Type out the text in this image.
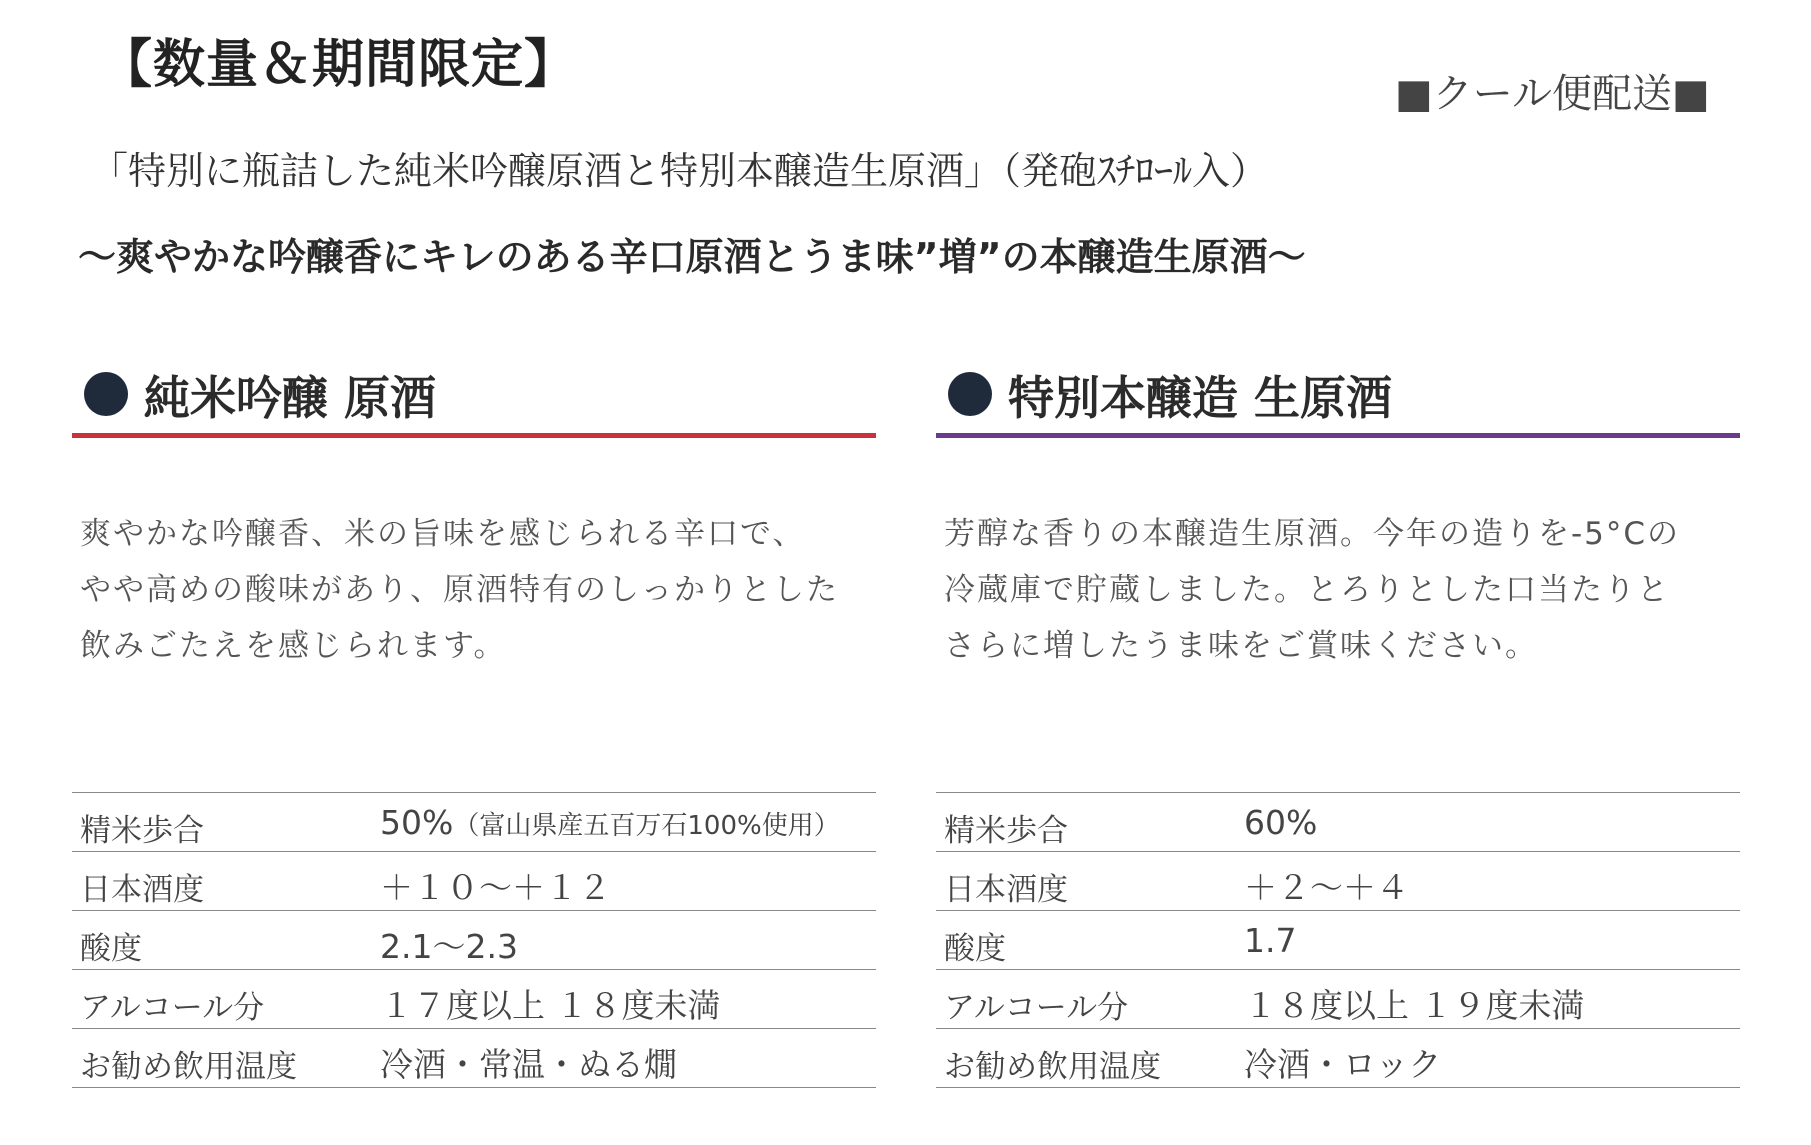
【数量＆期間限定】	■クール便配送■
「特別に瓶詰した純米吟醸原酒と特別本醸造生原酒」（発砲ｽﾁﾛｰﾙ入）
～爽やかな吟醸香にキレのある辛口原酒とうま味”増”の本醸造生原酒～
純米吟醸 原酒
爽やかな吟醸香、米の旨味を感じられる辛口で、
やや高めの酸味があり、原酒特有のしっかりとした
飲みごたえを感じられます。
精米歩合	50%（富山県産五百万石100%使用）
日本酒度	＋１０～＋１２
酸度	2.1～2.3
アルコール分	１７度以上 １８度未満
お勧め飲用温度	冷酒・常温・ぬる燗
特別本醸造 生原酒
芳醇な香りの本醸造生原酒。今年の造りを-5°Cの
冷蔵庫で貯蔵しました。とろりとした口当たりと
さらに増したうま味をご賞味ください。
精米歩合	60%
日本酒度	＋２～＋４
酸度	1.7
アルコール分	１８度以上 １９度未満
お勧め飲用温度	冷酒・ロック
